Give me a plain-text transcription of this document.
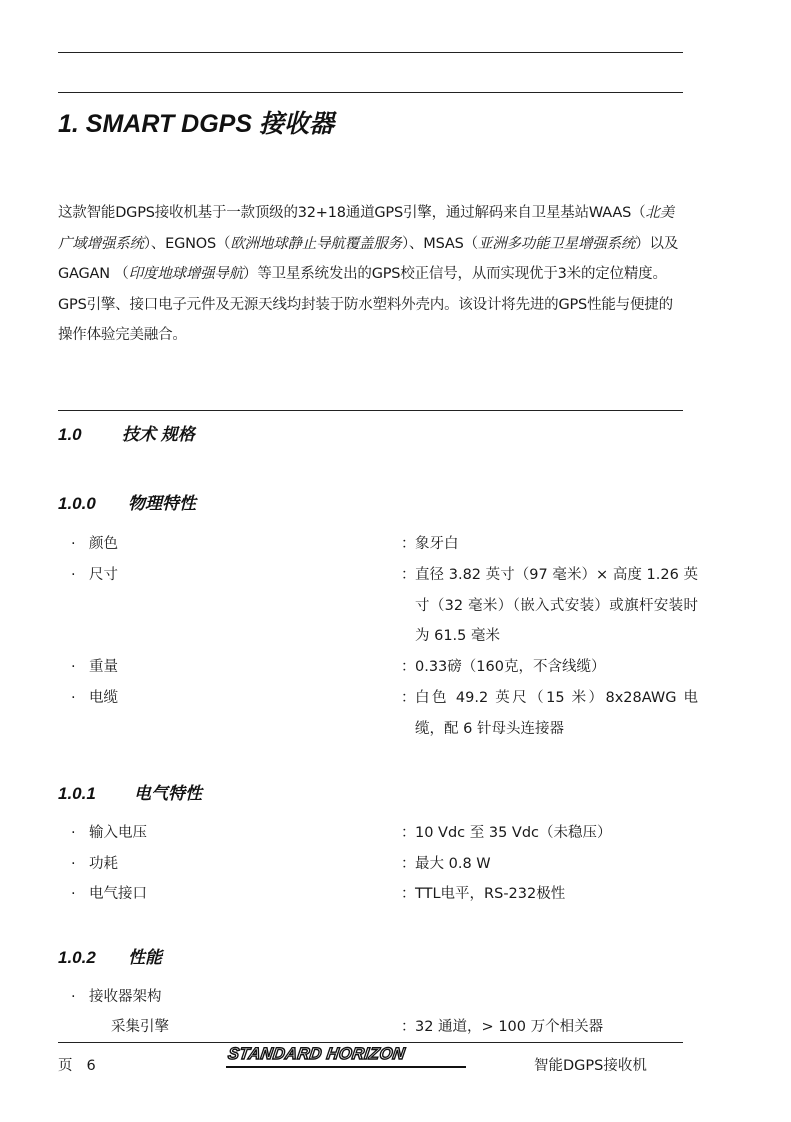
1. SMART DGPS 接收器

这款智能DGPS接收机基于一款顶级的32+18通道GPS引擎，通过解码来自卫星基站WAAS（北美广域增强系统）、EGNOS（欧洲地球静止导航覆盖服务）、MSAS（亚洲多功能卫星增强系统）以及GAGAN （印度地球增强导航）等卫星系统发出的GPS校正信号，从而实现优于3米的定位精度。GPS引擎、接口电子元件及无源天线均封装于防水塑料外壳内。该设计将先进的GPS性能与便捷的操作体验完美融合。

1.0 技术 规格
1.0.0 物理特性
· 颜色	： 象牙白
· 尺寸	： 直径 3.82 英寸（97 毫米）× 高度 1.26 英寸（32 毫米）（嵌入式安装）或旗杆安装时为 61.5 毫米
· 重量	： 0.33磅（160克，不含线缆）
· 电缆	： 白色 49.2 英尺（15 米）8x28AWG 电缆，配 6 针母头连接器
1.0.1 电气特性
· 输入电压	： 10 Vdc 至 35 Vdc（未稳压）
· 功耗	： 最大 0.8 W
· 电气接口	： TTL电平，RS-232极性
1.0.2 性能
· 接收器架构
采集引擎	： 32 通道，> 100 万个相关器
页 6
STANDARD HORIZON
智能DGPS接收机
